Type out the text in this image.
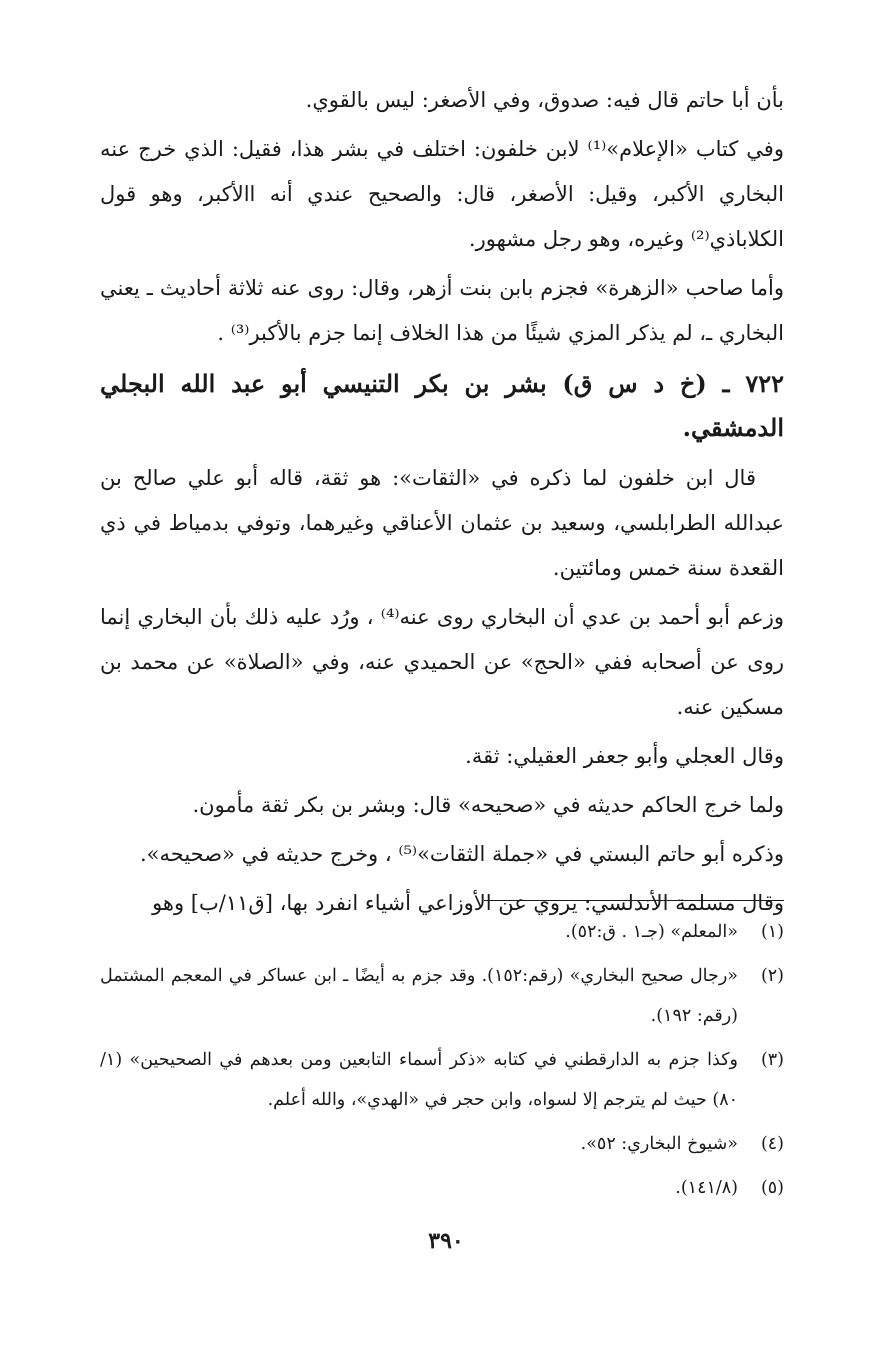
بأن أبا حاتم قال فيه: صدوق، وفي الأصغر: ليس بالقوي.

وفي كتاب «الإعلام»⁽¹⁾ لابن خلفون: اختلف في بشر هذا، فقيل: الذي خرج عنه البخاري الأكبر، وقيل: الأصغر، قال: والصحيح عندي أنه االأكبر، وهو قول الكلاباذي⁽²⁾ وغيره، وهو رجل مشهور.

وأما صاحب «الزهرة» فجزم بابن بنت أزهر، وقال: روى عنه ثلاثة أحاديث ـ يعني البخاري ـ، لم يذكر المزي شيئًا من هذا الخلاف إنما جزم بالأكبر⁽³⁾ .

٧٢٢ ـ (خ د س ق) بشر بن بكر التنيسي أبو عبد الله البجلي الدمشقي.

قال ابن خلفون لما ذكره في «الثقات»: هو ثقة، قاله أبو علي صالح بن عبدالله الطرابلسي، وسعيد بن عثمان الأعناقي وغيرهما، وتوفي بدمياط في ذي القعدة سنة خمس ومائتين.

وزعم أبو أحمد بن عدي أن البخاري روى عنه⁽⁴⁾ ، ورُد عليه ذلك بأن البخاري إنما روى عن أصحابه ففي «الحج» عن الحميدي عنه، وفي «الصلاة» عن محمد بن مسكين عنه.

وقال العجلي وأبو جعفر العقيلي: ثقة.

ولما خرج الحاكم حديثه في «صحيحه» قال: وبشر بن بكر ثقة مأمون.

وذكره أبو حاتم البستي في «جملة الثقات»⁽⁵⁾ ، وخرج حديثه في «صحيحه».

وقال مسلمة الأندلسي: يروي عن الأوزاعي أشياء انفرد بها، [ق١١/ب] وهو

(١)
«المعلم» (جـ١ . ق:٥٢).
(٢)
«رجال صحيح البخاري» (رقم:١٥٢). وقد جزم به أيضًا ـ ابن عساكر في المعجم المشتمل (رقم: ١٩٢).
(٣)
وكذا جزم به الدارقطني في كتابه «ذكر أسماء التابعين ومن بعدهم في الصحيحين» (١/ ٨٠) حيث لم يترجم إلا لسواه، وابن حجر في «الهدي»، والله أعلم.
(٤)
«شيوخ البخاري: ٥٢».
(٥)
(١٤١/٨).
٣٩٠
